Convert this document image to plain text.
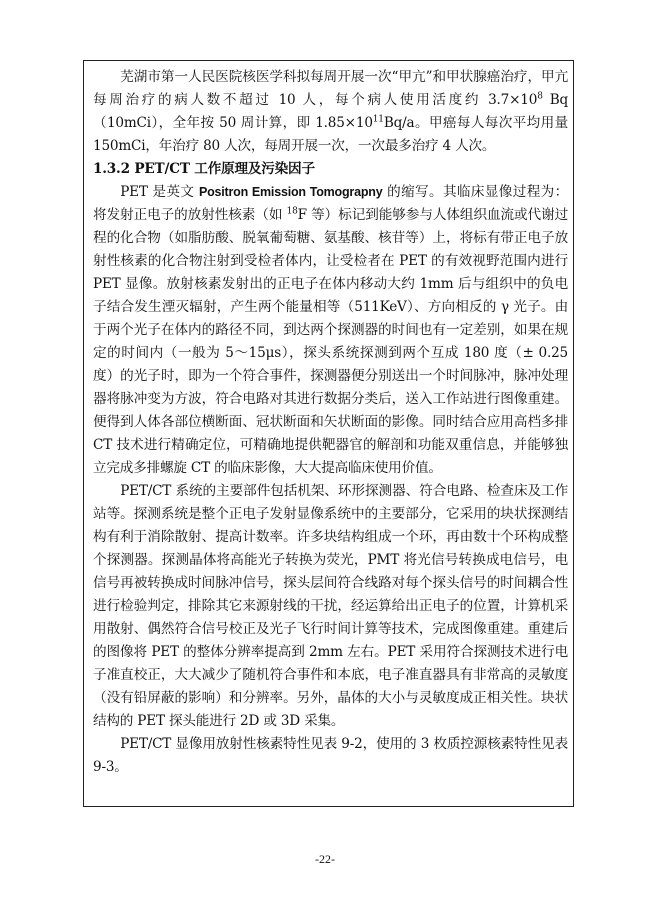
芜湖市第一人民医院核医学科拟每周开展一次“甲亢”和甲状腺癌治疗，甲亢每周治疗的病人数不超过 10 人，每个病人使用活度约 $3.7\times 10^8$ Bq（10mCi），全年按 50 周计算，即 $1.85\times 10^{11}Bq/a$。甲癌每人每次平均用量 150mCi，年治疗 80 人次，每周开展一次，一次最多治疗 4 人次。

1.3.2 PET/CT 工作原理及污染因子

PET 是英文 Positron Emission Tomograpny 的缩写。其临床显像过程为：将发射正电子的放射性核素（如 $^{18}$F 等）标记到能够参与人体组织血流或代谢过程的化合物（如脂肪酸、脱氧葡萄糖、氨基酸、核苷等）上，将标有带正电子放射性核素的化合物注射到受检者体内，让受检者在 PET 的有效视野范围内进行 PET 显像。放射核素发射出的正电子在体内移动大约 1mm 后与组织中的负电子结合发生湮灭辐射，产生两个能量相等（511KeV）、方向相反的 γ 光子。由于两个光子在体内的路径不同，到达两个探测器的时间也有一定差别，如果在规定的时间内（一般为 5～15μs），探头系统探测到两个互成 180 度（± 0.25 度）的光子时，即为一个符合事件，探测器便分别送出一个时间脉冲，脉冲处理器将脉冲变为方波，符合电路对其进行数据分类后，送入工作站进行图像重建。便得到人体各部位横断面、冠状断面和矢状断面的影像。同时结合应用高档多排 CT 技术进行精确定位，可精确地提供靶器官的解剖和功能双重信息，并能够独立完成多排螺旋 CT 的临床影像，大大提高临床使用价值。

PET/CT 系统的主要部件包括机架、环形探测器、符合电路、检查床及工作站等。探测系统是整个正电子发射显像系统中的主要部分，它采用的块状探测结构有利于消除散射、提高计数率。许多块结构组成一个环，再由数十个环构成整个探测器。探测晶体将高能光子转换为荧光，PMT 将光信号转换成电信号，电信号再被转换成时间脉冲信号，探头层间符合线路对每个探头信号的时间耦合性进行检验判定，排除其它来源射线的干扰，经运算给出正电子的位置，计算机采用散射、偶然符合信号校正及光子飞行时间计算等技术，完成图像重建。重建后的图像将 PET 的整体分辨率提高到 2mm 左右。PET 采用符合探测技术进行电子准直校正，大大减少了随机符合事件和本底，电子准直器具有非常高的灵敏度（没有铅屏蔽的影响）和分辨率。另外，晶体的大小与灵敏度成正相关性。块状结构的 PET 探头能进行 2D 或 3D 采集。

PET/CT 显像用放射性核素特性见表 9-2，使用的 3 枚质控源核素特性见表 9-3。

-22-
